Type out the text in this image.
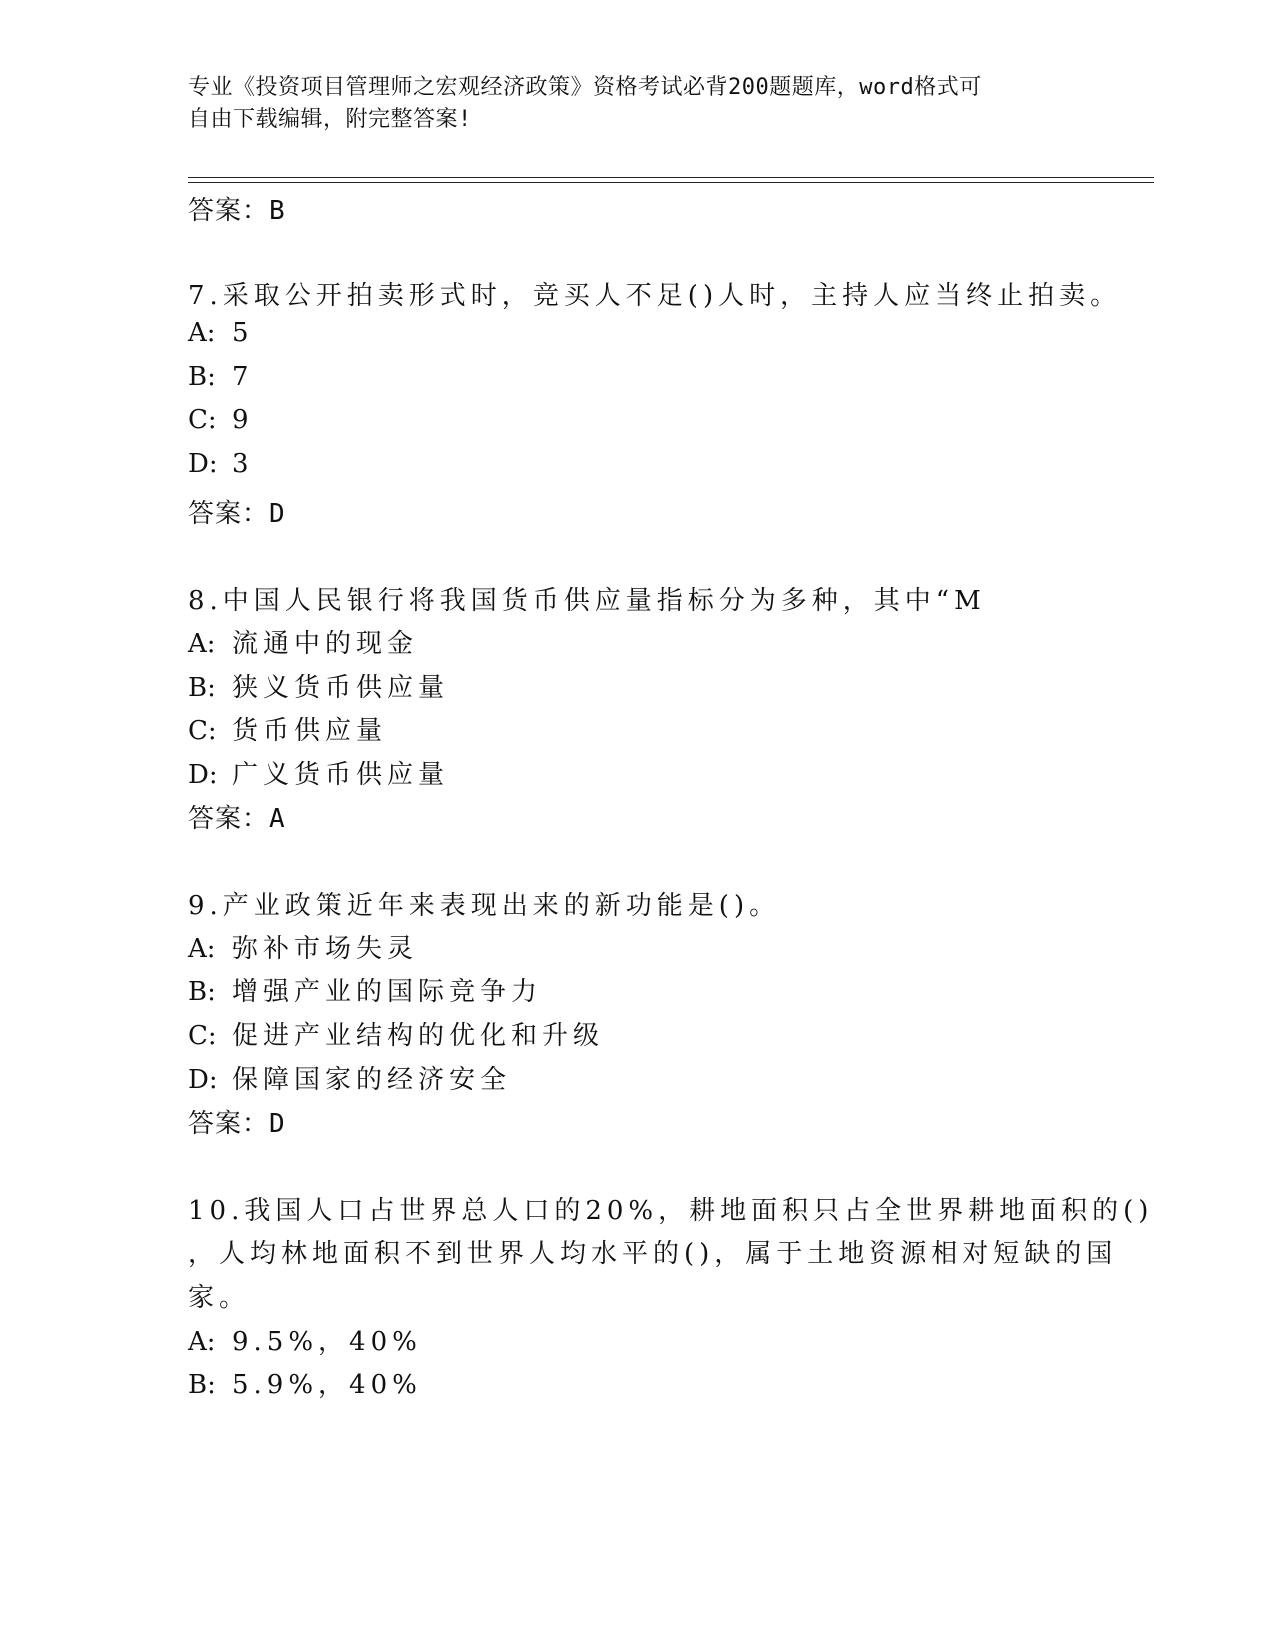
专业《投资项目管理师之宏观经济政策》资格考试必背200题题库，word格式可
自由下载编辑，附完整答案!
答案：B
7.采取公开拍卖形式时，竞买人不足()人时，主持人应当终止拍卖。
A: 5
B: 7
C: 9
D: 3
答案：D
8.中国人民银行将我国货币供应量指标分为多种，其中“M
A: 流通中的现金
B: 狭义货币供应量
C: 货币供应量
D: 广义货币供应量
答案：A
9.产业政策近年来表现出来的新功能是()。
A: 弥补市场失灵
B: 增强产业的国际竞争力
C: 促进产业结构的优化和升级
D: 保障国家的经济安全
答案：D
10.我国人口占世界总人口的20%，耕地面积只占全世界耕地面积的()
，人均林地面积不到世界人均水平的()，属于土地资源相对短缺的国
家。
A: 9.5%，40%
B: 5.9%，40%
